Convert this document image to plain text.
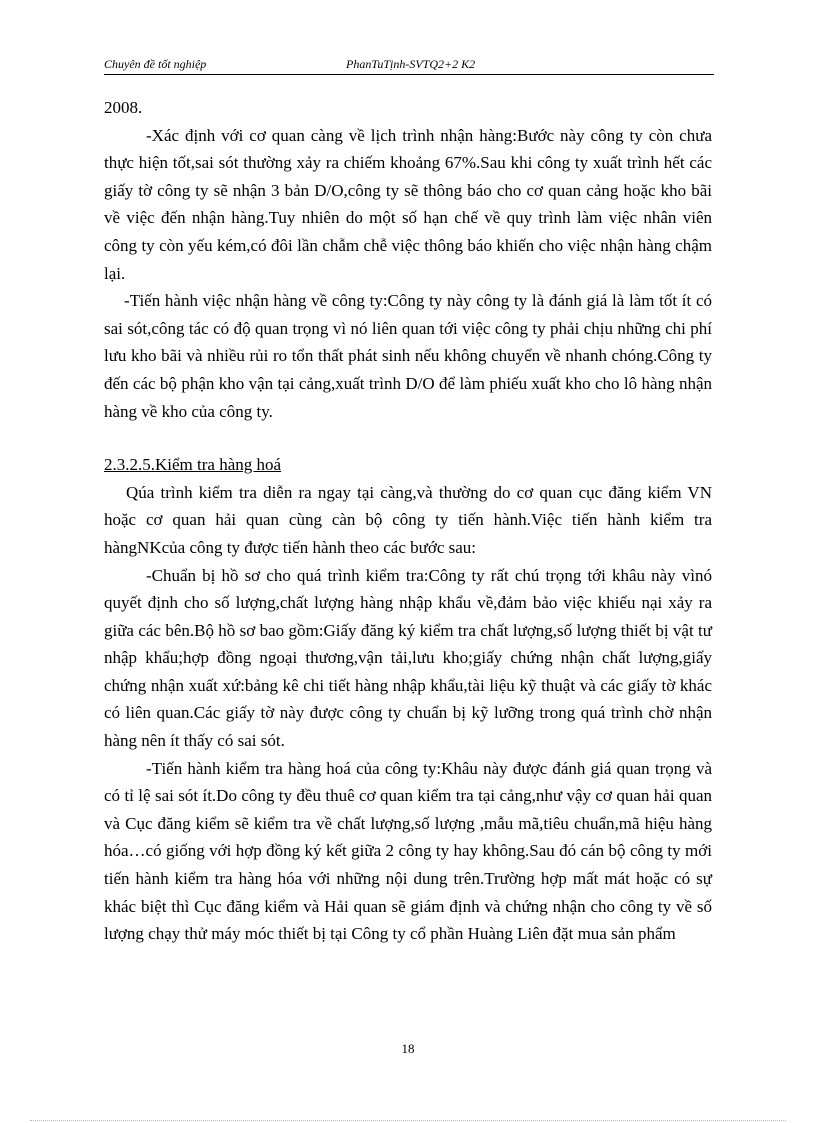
Chuyên đề tốt nghiệp	PhanTuTịnh-SVTQ2+2 K2

2008.

-Xác định với cơ quan càng về lịch trình nhận hàng:Bước này công ty còn chưa thực hiện tốt,sai sót thường xảy ra chiếm khoảng 67%.Sau khi công ty xuất trình hết các giấy tờ công ty sẽ nhận 3 bản D/O,công ty sẽ thông báo cho cơ quan cảng hoặc kho bãi về việc đến nhận hàng.Tuy nhiên do một số hạn chế về quy trình làm việc nhân viên công ty còn yếu kém,có đôi lần chẫm chễ việc thông báo khiến cho việc nhận hàng chậm lại.

-Tiến hành việc nhận hàng về công ty:Công ty này công ty là đánh giá là làm tốt ít có sai sót,công tác có độ quan trọng vì nó liên quan tới việc công ty phải chịu những chi phí lưu kho bãi và nhiều rủi ro tổn thất phát sinh nếu không chuyển về nhanh chóng.Công ty đến các bộ phận kho vận tại cảng,xuất trình D/O để làm phiếu xuất kho cho lô hàng nhận hàng về kho của công ty.

2.3.2.5.Kiểm tra hàng hoá

Qúa trình kiểm tra diễn ra ngay tại càng,và thường do cơ quan cục đăng kiểm VN hoặc cơ quan hải quan cùng càn bộ công ty tiến hành.Việc tiến hành kiểm tra hàngNKcủa công ty được tiến hành theo các bước sau:

-Chuẩn bị hồ sơ cho quá trình kiểm tra:Công ty rất chú trọng tới khâu này vìnó quyết định cho số lượng,chất lượng hàng nhập khẩu về,đảm bảo việc khiếu nại xảy ra giữa các bên.Bộ hồ sơ bao gồm:Giấy đăng ký kiểm tra chất lượng,số lượng thiết bị vật tư nhập khẩu;hợp đồng ngoại thương,vận tải,lưu kho;giấy chứng nhận chất lượng,giấy chứng nhận xuất xứ:bảng kê chi tiết hàng nhập khẩu,tài liệu kỹ thuật và các giấy tờ khác có liên quan.Các giấy tờ này được công ty chuẩn bị kỹ lưỡng trong quá trình chờ nhận hàng nên ít thấy có sai sót.

-Tiến hành kiểm tra hàng hoá của công ty:Khâu này được đánh giá quan trọng và có tỉ lệ sai sót ít.Do công ty đều thuê cơ quan kiểm tra tại cảng,như vậy cơ quan hải quan và Cục đăng kiểm sẽ kiểm tra về chất lượng,số lượng ,mẫu mã,tiêu chuẩn,mã hiệu hàng hóa…có giống với hợp đồng ký kết giữa 2 công ty hay không.Sau đó cán bộ công ty mới tiến hành kiểm tra hàng hóa với những nội dung trên.Trường hợp mất mát hoặc có sự khác biệt thì Cục đăng kiểm và Hải quan sẽ giám định và chứng nhận cho công ty về số lượng chạy thử máy móc thiết bị tại Công ty cổ phần Huàng Liên đặt mua sản phẩm

18
